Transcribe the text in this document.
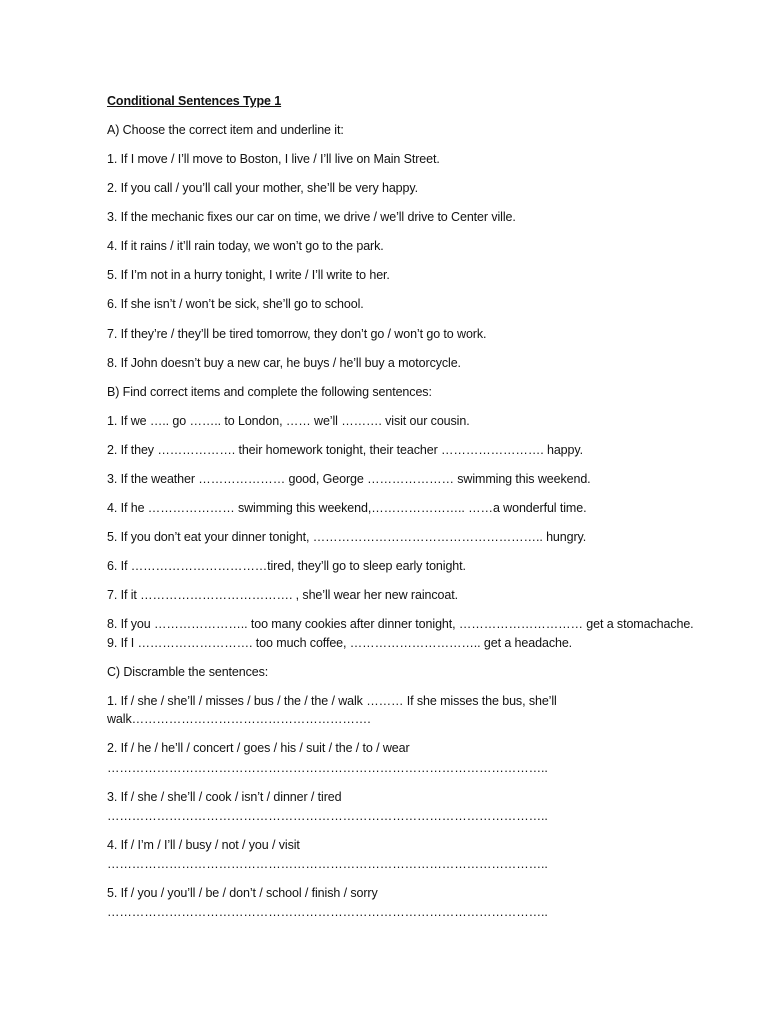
Conditional Sentences Type 1
A) Choose the correct item and underline it:
1. If I move / I’ll move to Boston, I live / I’ll live on Main Street.
2. If you call / you’ll call your mother, she’ll be very happy.
3. If the mechanic fixes our car on time, we drive / we’ll drive to Center ville.
4. If it rains / it’ll rain today, we won’t go to the park.
5. If I’m not in a hurry tonight, I write / I’ll write to her.
6. If she isn’t / won’t be sick, she’ll go to school.
7. If they’re / they’ll be tired tomorrow, they don’t go / won’t go to work.
8. If John doesn’t buy a new car, he buys / he’ll buy a motorcycle.
B) Find correct items and complete the following sentences:
1. If we ….. go …….. to London, …… we’ll ………. visit our cousin.
2. If they ………………. their homework tonight, their teacher ……………………. happy.
3. If the weather ………………… good, George ………………… swimming this weekend.
4. If he ………………… swimming this weekend,………………….. ……a wonderful time.
5. If you don’t eat your dinner tonight, ……………………………………………….. hungry.
6. If ……………………………tired, they’ll go to sleep early tonight.
7. If it ………………………………. , she’ll wear her new raincoat.
8. If you ………………….. too many cookies after dinner tonight, ………………………… get a stomachache.
9. If I ………………………. too much coffee, ………………………….. get a headache.
C) Discramble the sentences:
1. If / she / she’ll / misses / bus / the / the / walk ……… If she misses the bus, she’ll
walk………………………………………………….
2. If / he / he’ll / concert / goes / his / suit / the / to / wear
……………………………………………………………………………………………..
3. If / she / she’ll / cook / isn’t / dinner / tired
……………………………………………………………………………………………..
4. If / I’m / I’ll / busy / not / you / visit
……………………………………………………………………………………………..
5. If / you / you’ll / be / don’t / school / finish / sorry
……………………………………………………………………………………………..
